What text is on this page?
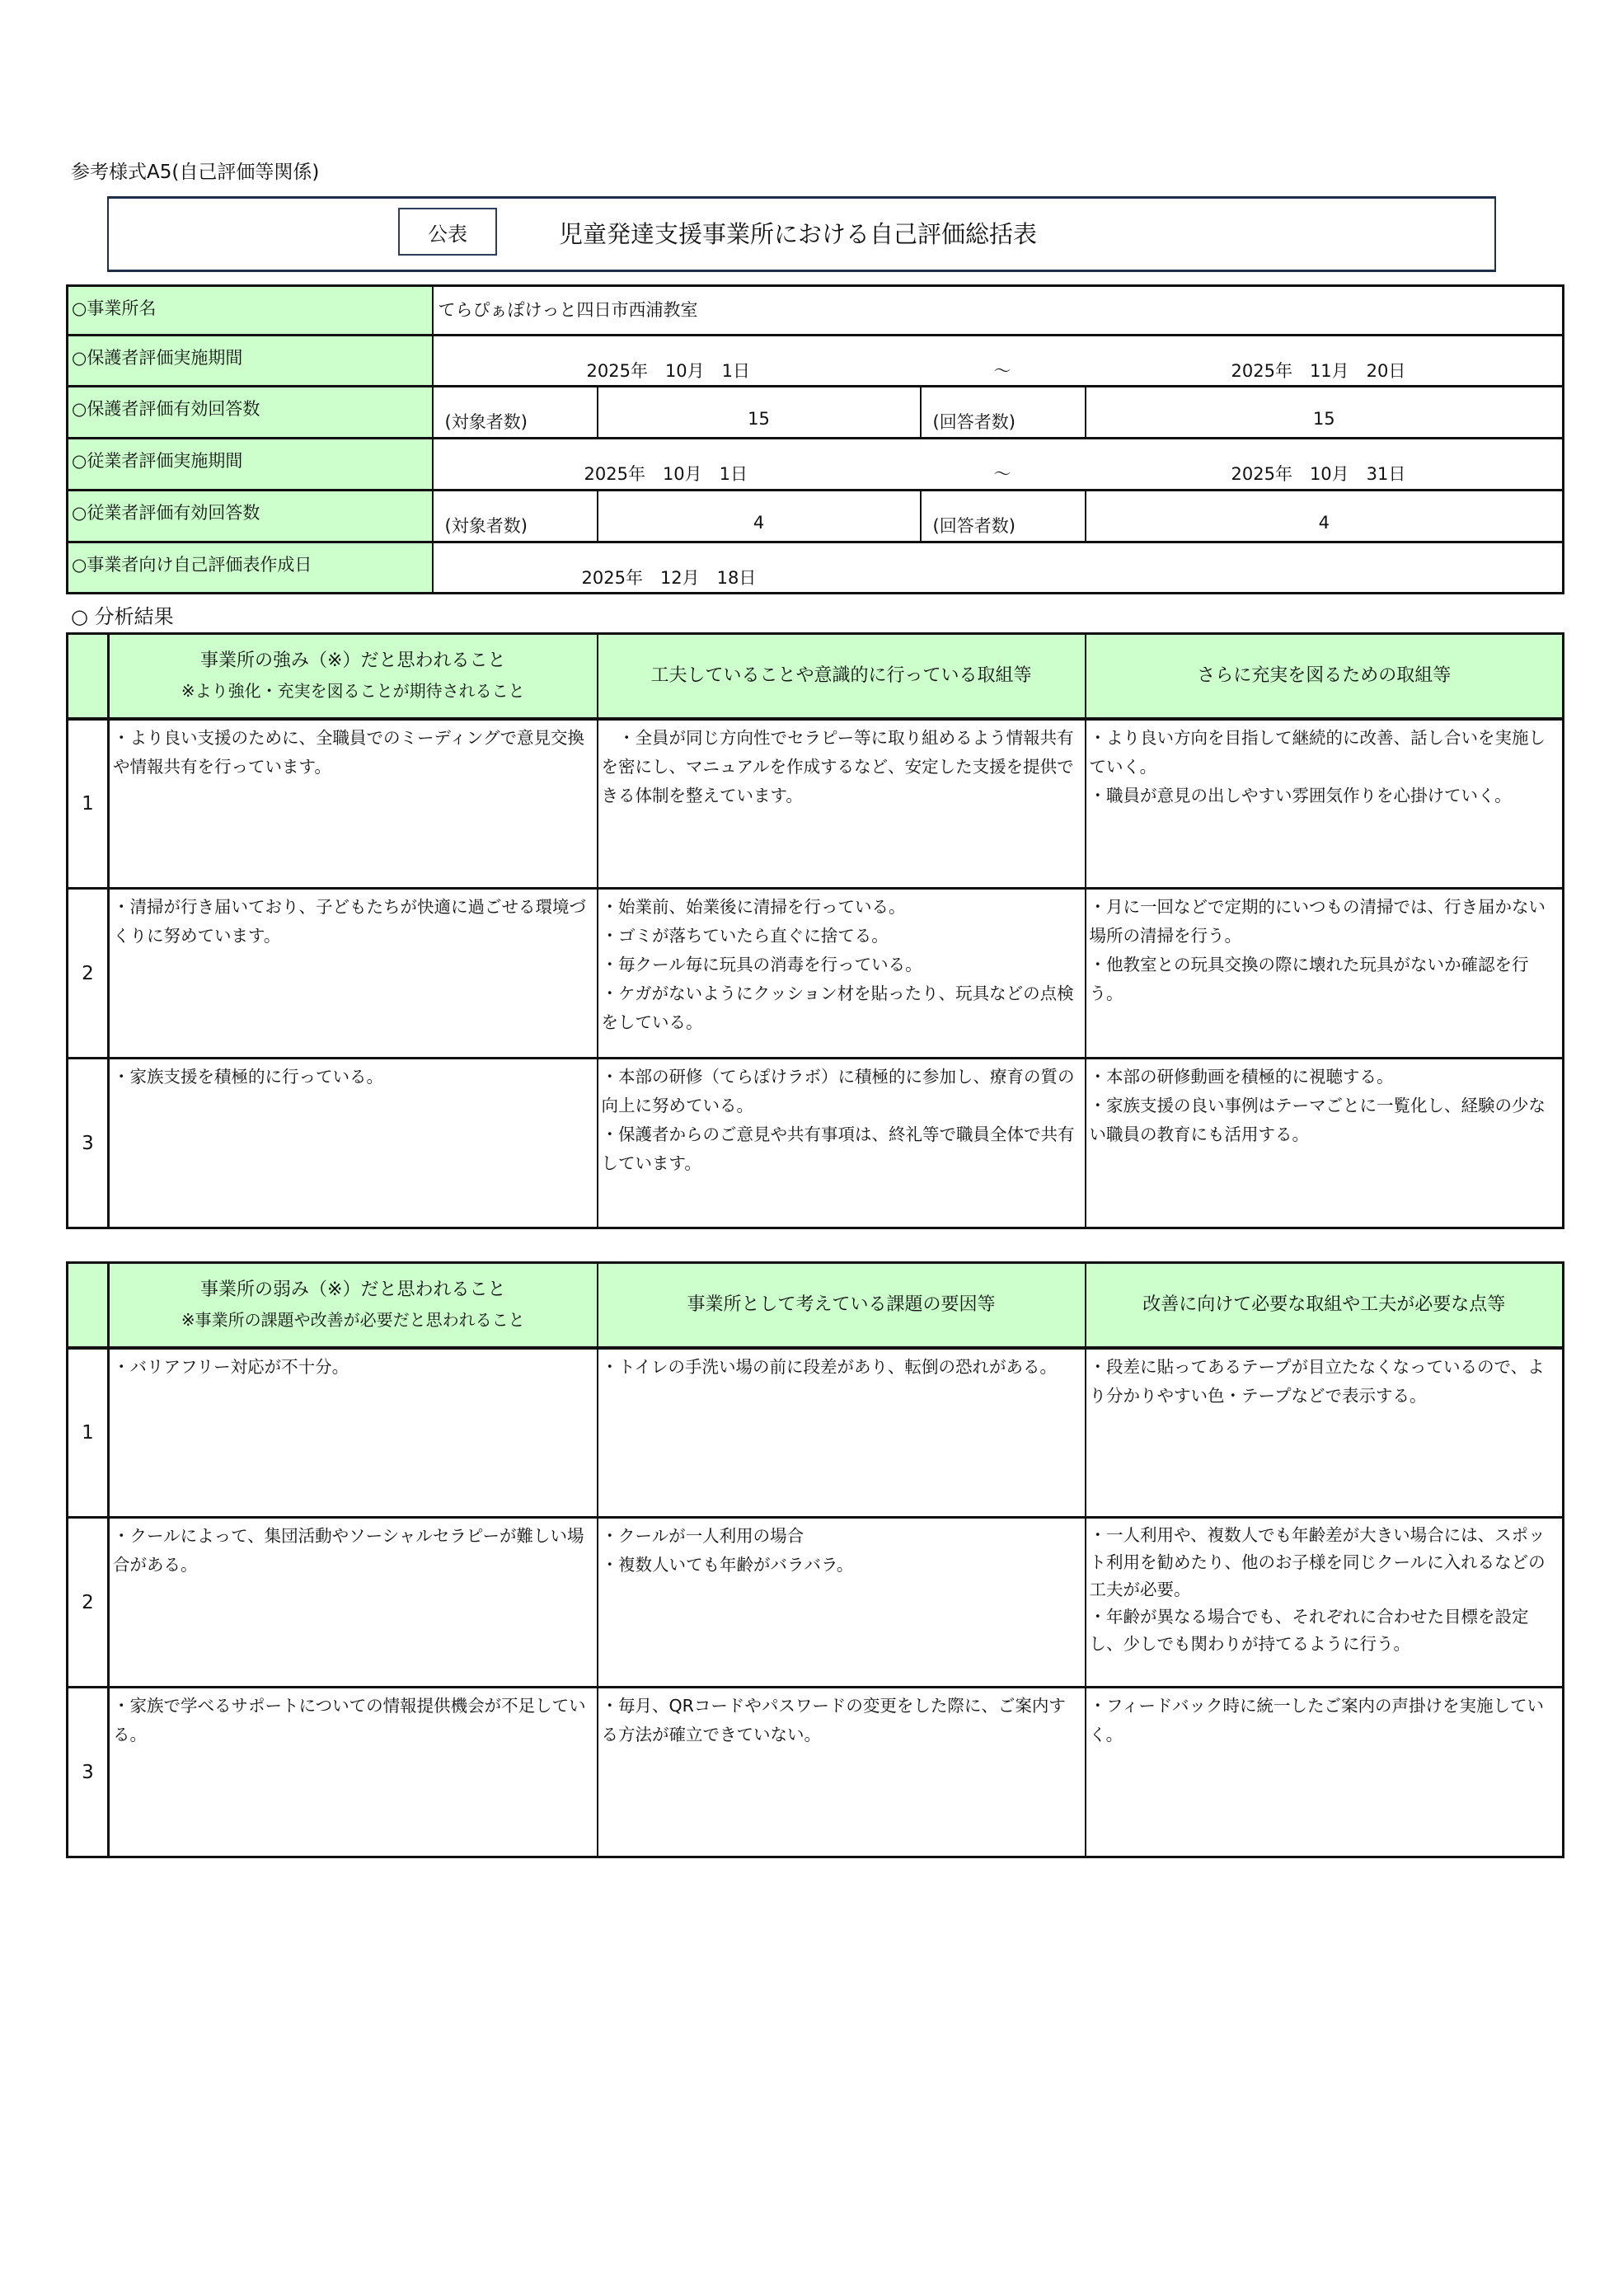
参考様式A5(自己評価等関係)
公表	児童発達支援事業所における自己評価総括表
○事業所名	てらぴぁぽけっと四日市西浦教室			
○保護者評価実施期間	2025年　10月　1日 ～ 2025年　11月　20日			

○保護者評価有効回答数	(対象者数)	15	(回答者数)	15
○従業者評価実施期間	2025年　10月　1日 ～ 2025年　10月　31日			

○従業者評価有効回答数	(対象者数)	4	(回答者数)	4
○事業者向け自己評価表作成日	2025年　12月　18日			
○ 分析結果

	事業所の強み（※）だと思われること
※より強化・充実を図ることが期待されること	工夫していることや意識的に行っている取組等	さらに充実を図るための取組等
1	・より良い支援のために、全職員でのミーディングで意見交換や情報共有を行っています。	　・全員が同じ方向性でセラピー等に取り組めるよう情報共有を密にし、マニュアルを作成するなど、安定した支援を提供できる体制を整えています。	・より良い方向を目指して継続的に改善、話し合いを実施していく。
・職員が意見の出しやすい雰囲気作りを心掛けていく。

2	・清掃が行き届いており、子どもたちが快適に過ごせる環境づくりに努めています。	・始業前、始業後に清掃を行っている。
・ゴミが落ちていたら直ぐに捨てる。
・毎クール毎に玩具の消毒を行っている。
・ケガがないようにクッション材を貼ったり、玩具などの点検をしている。	・月に一回などで定期的にいつもの清掃では、行き届かない場所の清掃を行う。
・他教室との玩具交換の際に壊れた玩具がないか確認を行う。

3	・家族支援を積極的に行っている。	・本部の研修（てらぽけラボ）に積極的に参加し、療育の質の向上に努めている。
・保護者からのご意見や共有事項は、終礼等で職員全体で共有しています。	・本部の研修動画を積極的に視聴する。
・家族支援の良い事例はテーマごとに一覧化し、経験の少ない職員の教育にも活用する。

	事業所の弱み（※）だと思われること
※事業所の課題や改善が必要だと思われること	事業所として考えている課題の要因等	改善に向けて必要な取組や工夫が必要な点等
1	・バリアフリー対応が不十分。	・トイレの手洗い場の前に段差があり、転倒の恐れがある。	・段差に貼ってあるテープが目立たなくなっているので、より分かりやすい色・テープなどで表示する。
2	・クールによって、集団活動やソーシャルセラピーが難しい場合がある。	・クールが一人利用の場合
・複数人いても年齢がバラバラ。	・一人利用や、複数人でも年齢差が大きい場合には、スポット利用を勧めたり、他のお子様を同じクールに入れるなどの工夫が必要。
・年齢が異なる場合でも、それぞれに合わせた目標を設定し、少しでも関わりが持てるように行う。

3	・家族で学べるサポートについての情報提供機会が不足している。	・毎月、QRコードやパスワードの変更をした際に、ご案内する方法が確立できていない。	・フィードバック時に統一したご案内の声掛けを実施していく。
